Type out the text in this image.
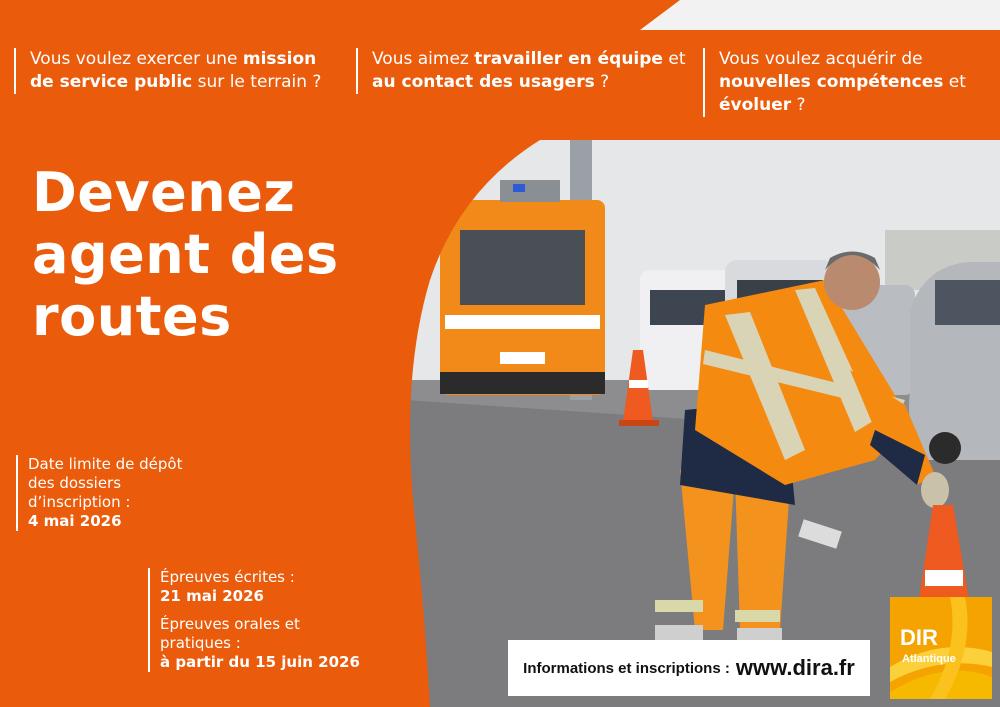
Vous voulez exercer une mission de service public sur le terrain ?
Vous aimez travailler en équipe et au contact des usagers ?
Vous voulez acquérir de nouvelles compétences et évoluer ?
Devenez
agent des
routes
Date limite de dépôt
des dossiers
d’inscription :
4 mai 2026
Épreuves écrites :
21 mai 2026
Épreuves orales et
pratiques :
à partir du 15 juin 2026	Informations et inscriptions : www.dira.fr
DIR
Atlantique
